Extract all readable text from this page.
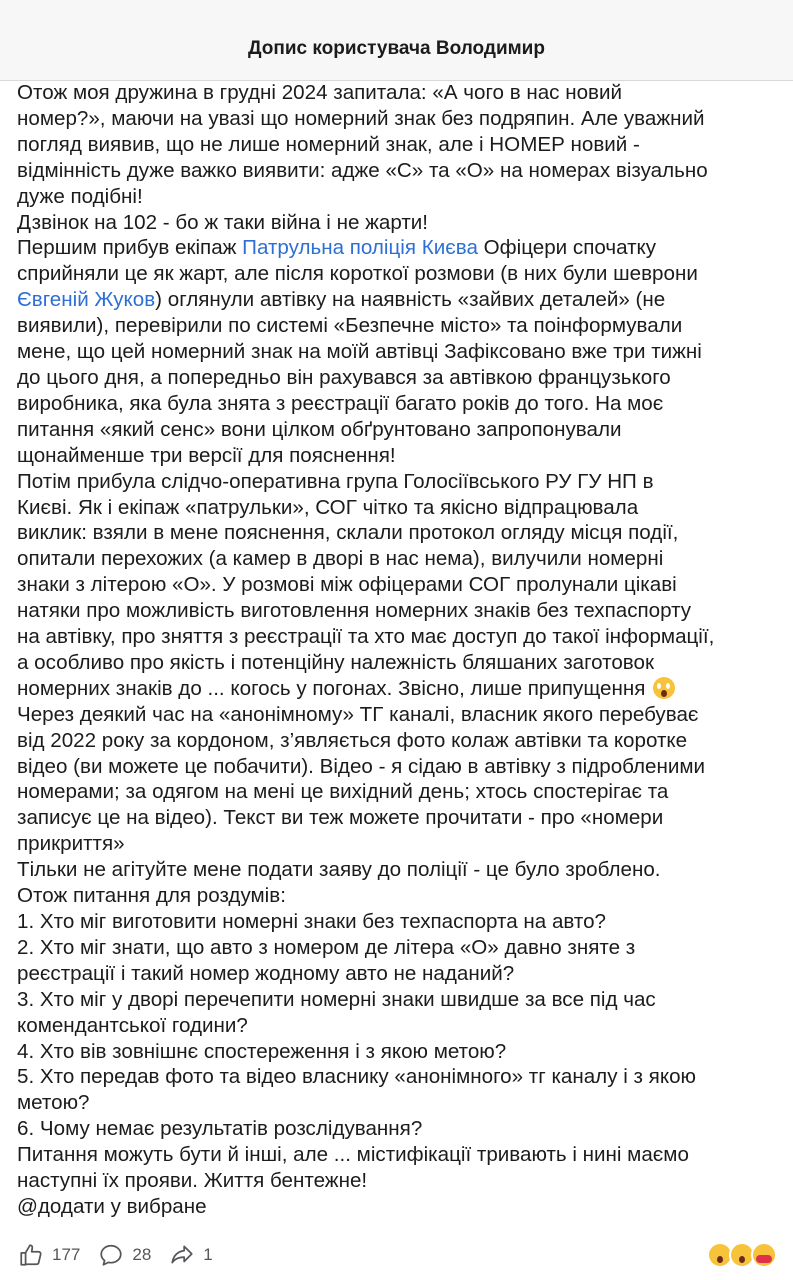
Допис користувача Володимир
Отож моя дружина в грудні 2024 запитала: «А чого в нас новий
номер?», маючи на увазі що номерний знак без подряпин. Але уважний
погляд виявив, що не лише номерний знак, але і НОМЕР новий -
відмінність дуже важко виявити: адже «С» та «О» на номерах візуально
дуже подібні!
Дзвінок на 102 - бо ж таки війна і не жарти!
Першим прибув екіпаж Патрульна поліція Києва Офіцери спочатку
сприйняли це як жарт, але після короткої розмови (в них були шеврони
Євгеній Жуков) оглянули автівку на наявність «зайвих деталей» (не
виявили), перевірили по системі «Безпечне місто» та поінформували
мене, що цей номерний знак на моїй автівці Зафіксовано вже три тижні
до цього дня, а попередньо він рахувався за автівкою французького
виробника, яка була знята з реєстрації багато років до того. На моє
питання «який сенс» вони цілком обґрунтовано запропонували
щонайменше три версії для пояснення!
Потім прибула слідчо-оперативна група Голосіївського РУ ГУ НП в
Києві. Як і екіпаж «патрульки», СОГ чітко та якісно відпрацювала
виклик: взяли в мене пояснення, склали протокол огляду місця події,
опитали перехожих (а камер в дворі в нас нема), вилучили номерні
знаки з літерою «О». У розмові між офіцерами СОГ пролунали цікаві
натяки про можливість виготовлення номерних знаків без техпаспорту
на автівку, про зняття з реєстрації та хто має доступ до такої інформації,
а особливо про якість і потенційну належність бляшаних заготовок
номерних знаків до ... когось у погонах. Звісно, лише припущення
Через деякий час на «анонімному» ТГ каналі, власник якого перебуває
від 2022 року за кордоном, з’являється фото колаж автівки та коротке
відео (ви можете це побачити). Відео - я сідаю в автівку з підробленими
номерами; за одягом на мені це вихідний день; хтось спостерігає та
записує це на відео). Текст ви теж можете прочитати - про «номери
прикриття»
Тільки не агітуйте мене подати заяву до поліції - це було зроблено.
Отож питання для роздумів:
1. Хто міг виготовити номерні знаки без техпаспорта на авто?
2. Хто міг знати, що авто з номером де літера «О» давно зняте з
реєстрації і такий номер жодному авто не наданий?
3. Хто міг у дворі перечепити номерні знаки швидше за все під час
комендантської години?
4. Хто вів зовнішнє спостереження і з якою метою?
5. Хто передав фото та відео власнику «анонімного» тг каналу і з якою
метою?
6. Чому немає результатів розслідування?
Питання можуть бути й інші, але ... містифікації тривають і нині маємо
наступні їх прояви. Життя бентежне!
@додати у вибране
177	28	1
